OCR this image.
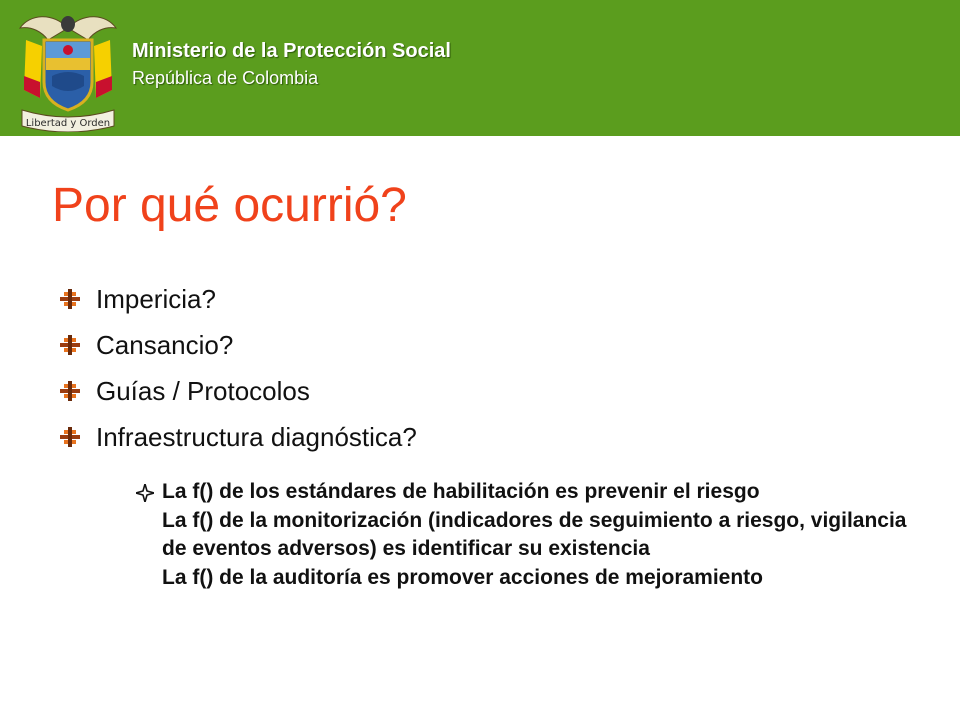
Libertad y Orden
Ministerio de la Protección Social
República de Colombia
Por qué ocurrió?
Impericia?
Cansancio?
Guías / Protocolos
Infraestructura diagnóstica?
La f() de los estándares de habilitación es prevenir el riesgo
La f() de la monitorización (indicadores de seguimiento a riesgo, vigilancia de eventos adversos) es identificar su existencia
La f() de la auditoría es promover acciones de mejoramiento
